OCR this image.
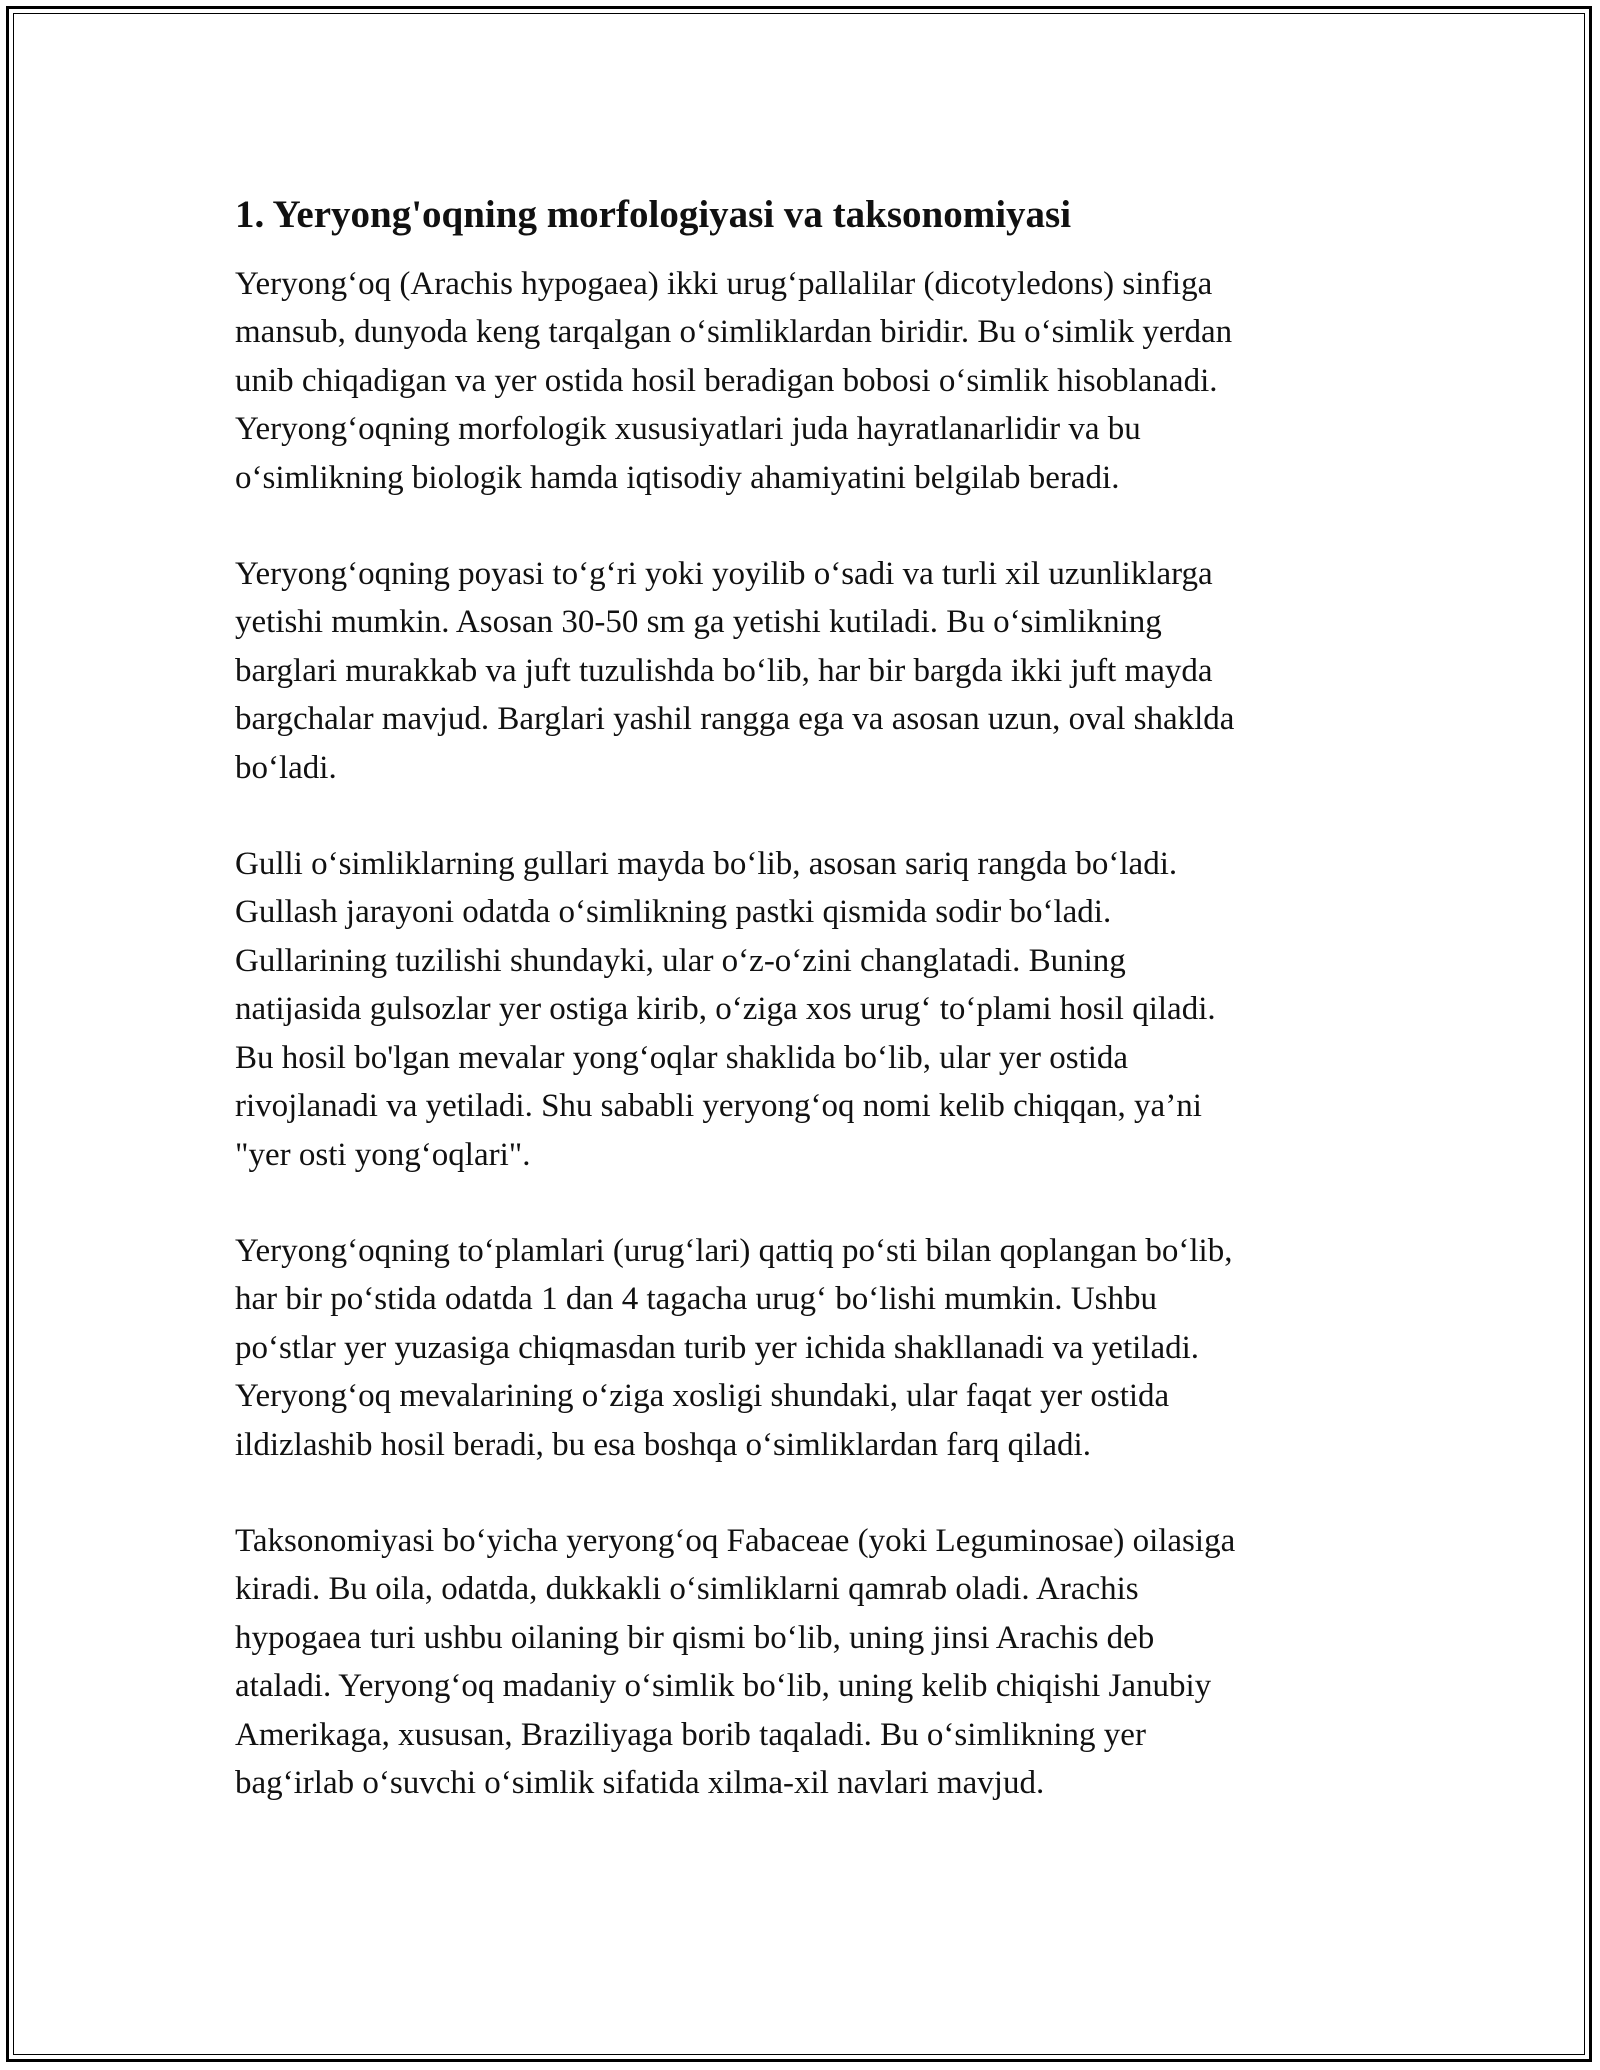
1. Yeryong'oqning morfologiyasi va taksonomiyasi

Yeryongʻoq (Arachis hypogaea) ikki urugʻpallalilar (dicotyledons) sinfiga
mansub, dunyoda keng tarqalgan oʻsimliklardan biridir. Bu oʻsimlik yerdan
unib chiqadigan va yer ostida hosil beradigan bobosi oʻsimlik hisoblanadi.
Yeryongʻoqning morfologik xususiyatlari juda hayratlanarlidir va bu
oʻsimlikning biologik hamda iqtisodiy ahamiyatini belgilab beradi.

Yeryongʻoqning poyasi toʻgʻri yoki yoyilib oʻsadi va turli xil uzunliklarga
yetishi mumkin. Asosan 30-50 sm ga yetishi kutiladi. Bu oʻsimlikning
barglari murakkab va juft tuzulishda boʻlib, har bir bargda ikki juft mayda
bargchalar mavjud. Barglari yashil rangga ega va asosan uzun, oval shaklda
boʻladi.

Gulli oʻsimliklarning gullari mayda boʻlib, asosan sariq rangda boʻladi.
Gullash jarayoni odatda oʻsimlikning pastki qismida sodir boʻladi.
Gullarining tuzilishi shundayki, ular oʻz-oʻzini changlatadi. Buning
natijasida gulsozlar yer ostiga kirib, oʻziga xos urugʻ toʻplami hosil qiladi.
Bu hosil bo'lgan mevalar yongʻoqlar shaklida boʻlib, ular yer ostida
rivojlanadi va yetiladi. Shu sababli yeryongʻoq nomi kelib chiqqan, ya’ni
"yer osti yongʻoqlari".

Yeryongʻoqning toʻplamlari (urugʻlari) qattiq poʻsti bilan qoplangan boʻlib,
har bir poʻstida odatda 1 dan 4 tagacha urugʻ boʻlishi mumkin. Ushbu
poʻstlar yer yuzasiga chiqmasdan turib yer ichida shakllanadi va yetiladi.
Yeryongʻoq mevalarining oʻziga xosligi shundaki, ular faqat yer ostida
ildizlashib hosil beradi, bu esa boshqa oʻsimliklardan farq qiladi.

Taksonomiyasi boʻyicha yeryongʻoq Fabaceae (yoki Leguminosae) oilasiga
kiradi. Bu oila, odatda, dukkakli oʻsimliklarni qamrab oladi. Arachis
hypogaea turi ushbu oilaning bir qismi boʻlib, uning jinsi Arachis deb
ataladi. Yeryongʻoq madaniy oʻsimlik boʻlib, uning kelib chiqishi Janubiy
Amerikaga, xususan, Braziliyaga borib taqaladi. Bu oʻsimlikning yer
bagʻirlab oʻsuvchi oʻsimlik sifatida xilma-xil navlari mavjud.
